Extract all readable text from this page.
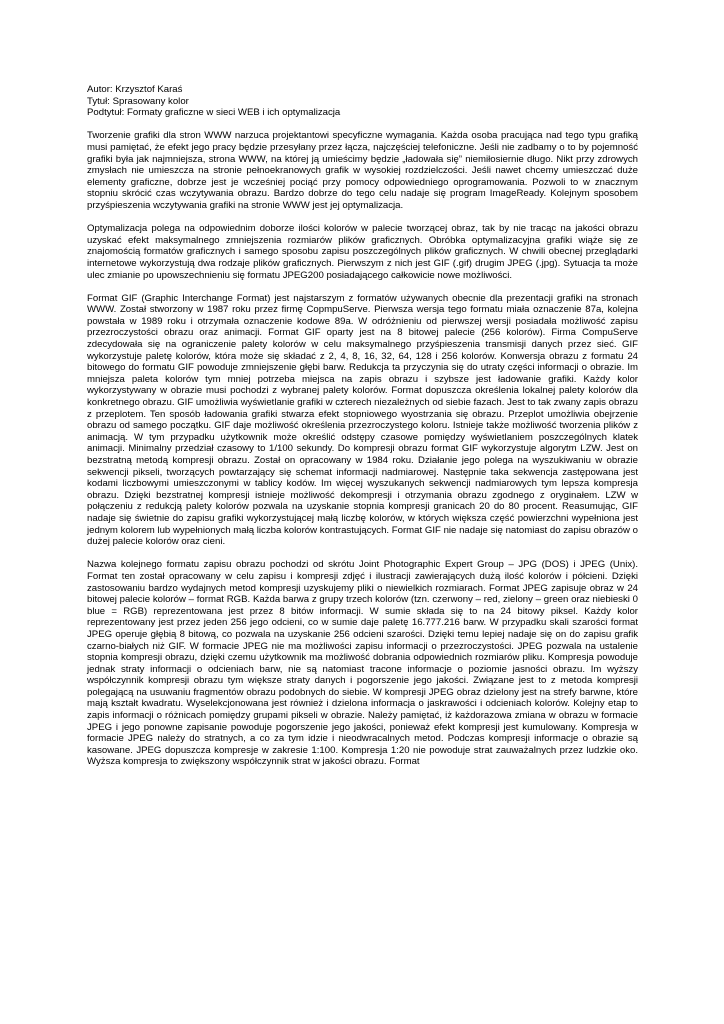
Autor: Krzysztof Karaś

Tytuł: Sprasowany kolor

Podtytuł: Formaty graficzne w sieci WEB i ich optymalizacja

Tworzenie grafiki dla stron WWW narzuca projektantowi specyficzne wymagania. Każda osoba pracująca nad tego typu grafiką musi pamiętać, że efekt jego pracy będzie przesyłany przez łącza, najczęściej telefoniczne. Jeśli nie zadbamy o to by pojemność grafiki była jak najmniejsza, strona WWW, na której ją umieścimy będzie „ładowała się” niemiłosiernie długo. Nikt przy zdrowych zmysłach nie umieszcza na stronie pełnoekranowych grafik w wysokiej rozdzielczości. Jeśli nawet chcemy umieszczać duże elementy graficzne, dobrze jest je wcześniej pociąć przy pomocy odpowiedniego oprogramowania. Pozwoli to w znacznym stopniu skrócić czas wczytywania obrazu. Bardzo dobrze do tego celu nadaje się program ImageReady. Kolejnym sposobem przyśpieszenia wczytywania grafiki na stronie WWW jest jej optymalizacja.

Optymalizacja polega na odpowiednim doborze ilości kolorów w palecie tworzącej obraz, tak by nie tracąc na jakości obrazu uzyskać efekt maksymalnego zmniejszenia rozmiarów plików graficznych. Obróbka optymalizacyjna grafiki wiąże się ze znajomością formatów graficznych i samego sposobu zapisu poszczególnych plików graficznych. W chwili obecnej przeglądarki internetowe wykorzystują dwa rodzaje plików graficznych. Pierwszym z nich jest GIF (.gif) drugim JPEG (.jpg). Sytuacja ta może ulec zmianie po upowszechnieniu się formatu JPEG200 posiadającego całkowicie nowe możliwości.

Format GIF (Graphic Interchange Format) jest najstarszym z formatów używanych obecnie dla prezentacji grafiki na stronach WWW. Został stworzony w 1987 roku przez firmę CopmpuServe. Pierwsza wersja tego formatu miała oznaczenie 87a, kolejna powstała w 1989 roku i otrzymała oznaczenie kodowe 89a. W odróżnieniu od pierwszej wersji posiadała możliwość zapisu przezroczystości obrazu oraz animacji. Format GIF oparty jest na 8 bitowej palecie (256 kolorów). Firma CompuServe zdecydowała się na ograniczenie palety kolorów w celu maksymalnego przyśpieszenia transmisji danych przez sieć. GIF wykorzystuje paletę kolorów, która może się składać z 2, 4, 8, 16, 32, 64, 128 i 256 kolorów. Konwersja obrazu z formatu 24 bitowego do formatu GIF powoduje zmniejszenie głębi barw. Redukcja ta przyczynia się do utraty części informacji o obrazie. Im mniejsza paleta kolorów tym mniej potrzeba miejsca na zapis obrazu i szybsze jest ładowanie grafiki. Każdy kolor wykorzystywany w obrazie musi pochodzi z wybranej palety kolorów. Format dopuszcza określenia lokalnej palety kolorów dla konkretnego obrazu. GIF umożliwia wyświetlanie grafiki w czterech niezależnych od siebie fazach. Jest to tak zwany zapis obrazu z przeplotem. Ten sposób ładowania grafiki stwarza efekt stopniowego wyostrzania się obrazu. Przeplot umożliwia obejrzenie obrazu od samego początku. GIF daje możliwość określenia przezroczystego koloru. Istnieje także możliwość tworzenia plików z animacją. W tym przypadku użytkownik może określić odstępy czasowe pomiędzy wyświetlaniem poszczególnych klatek animacji. Minimalny przedział czasowy to 1/100 sekundy. Do kompresji obrazu format GIF wykorzystuje algorytm LZW. Jest on bezstratną metodą kompresji obrazu. Został on opracowany w 1984 roku. Działanie jego polega na wyszukiwaniu w obrazie sekwencji pikseli, tworzących powtarzający się schemat informacji nadmiarowej. Następnie taka sekwencja zastępowana jest kodami liczbowymi umieszczonymi w tablicy kodów. Im więcej wyszukanych sekwencji nadmiarowych tym lepsza kompresja obrazu. Dzięki bezstratnej kompresji istnieje możliwość dekompresji i otrzymania obrazu zgodnego z oryginałem. LZW w połączeniu z redukcją palety kolorów pozwala na uzyskanie stopnia kompresji granicach 20 do 80 procent. Reasumując, GIF nadaje się świetnie do zapisu grafiki wykorzystującej małą liczbę kolorów, w których większa część powierzchni wypełniona jest jednym kolorem lub wypełnionych małą liczba kolorów kontrastujących. Format GIF nie nadaje się natomiast do zapisu obrazów o dużej palecie kolorów oraz cieni.

Nazwa kolejnego formatu zapisu obrazu pochodzi od skrótu Joint Photographic Expert Group – JPG (DOS) i JPEG (Unix). Format ten został opracowany w celu zapisu i kompresji zdjęć i ilustracji zawierających dużą ilość kolorów i półcieni. Dzięki zastosowaniu bardzo wydajnych metod kompresji uzyskujemy pliki o niewielkich rozmiarach. Format JPEG zapisuje obraz w 24 bitowej palecie kolorów – format RGB. Każda barwa z grupy trzech kolorów (tzn. czerwony – red, zielony – green oraz niebieski 0 blue = RGB) reprezentowana jest przez 8 bitów informacji. W sumie składa się to na 24 bitowy piksel. Każdy kolor reprezentowany jest przez jeden 256 jego odcieni, co w sumie daje paletę 16.777.216 barw. W przypadku skali szarości format JPEG operuje głębią 8 bitową, co pozwala na uzyskanie 256 odcieni szarości. Dzięki temu lepiej nadaje się on do zapisu grafik czarno-białych niż GIF. W formacie JPEG nie ma możliwości zapisu informacji o przezroczystości. JPEG pozwala na ustalenie stopnia kompresji obrazu, dzięki czemu użytkownik ma możliwość dobrania odpowiednich rozmiarów pliku. Kompresja powoduje jednak straty informacji o odcieniach barw, nie są natomiast tracone informacje o poziomie jasności obrazu. Im wyższy współczynnik kompresji obrazu tym większe straty danych i pogorszenie jego jakości. Związane jest to z metoda kompresji polegającą na usuwaniu fragmentów obrazu podobnych do siebie. W kompresji JPEG obraz dzielony jest na strefy barwne, które mają kształt kwadratu. Wyselekcjonowana jest również i dzielona informacja o jaskrawości i odcieniach kolorów. Kolejny etap to zapis informacji o różnicach pomiędzy grupami pikseli w obrazie. Należy pamiętać, iż każdorazowa zmiana w obrazu w formacie JPEG i jego ponowne zapisanie powoduje pogorszenie jego jakości, ponieważ efekt kompresji jest kumulowany. Kompresja w formacie JPEG należy do stratnych, a co za tym idzie i nieodwracalnych metod. Podczas kompresji informacje o obrazie są kasowane. JPEG dopuszcza kompresje w zakresie 1:100. Kompresja 1:20 nie powoduje strat zauważalnych przez ludzkie oko. Wyższa kompresja to zwiększony współczynnik strat w jakości obrazu. Format
